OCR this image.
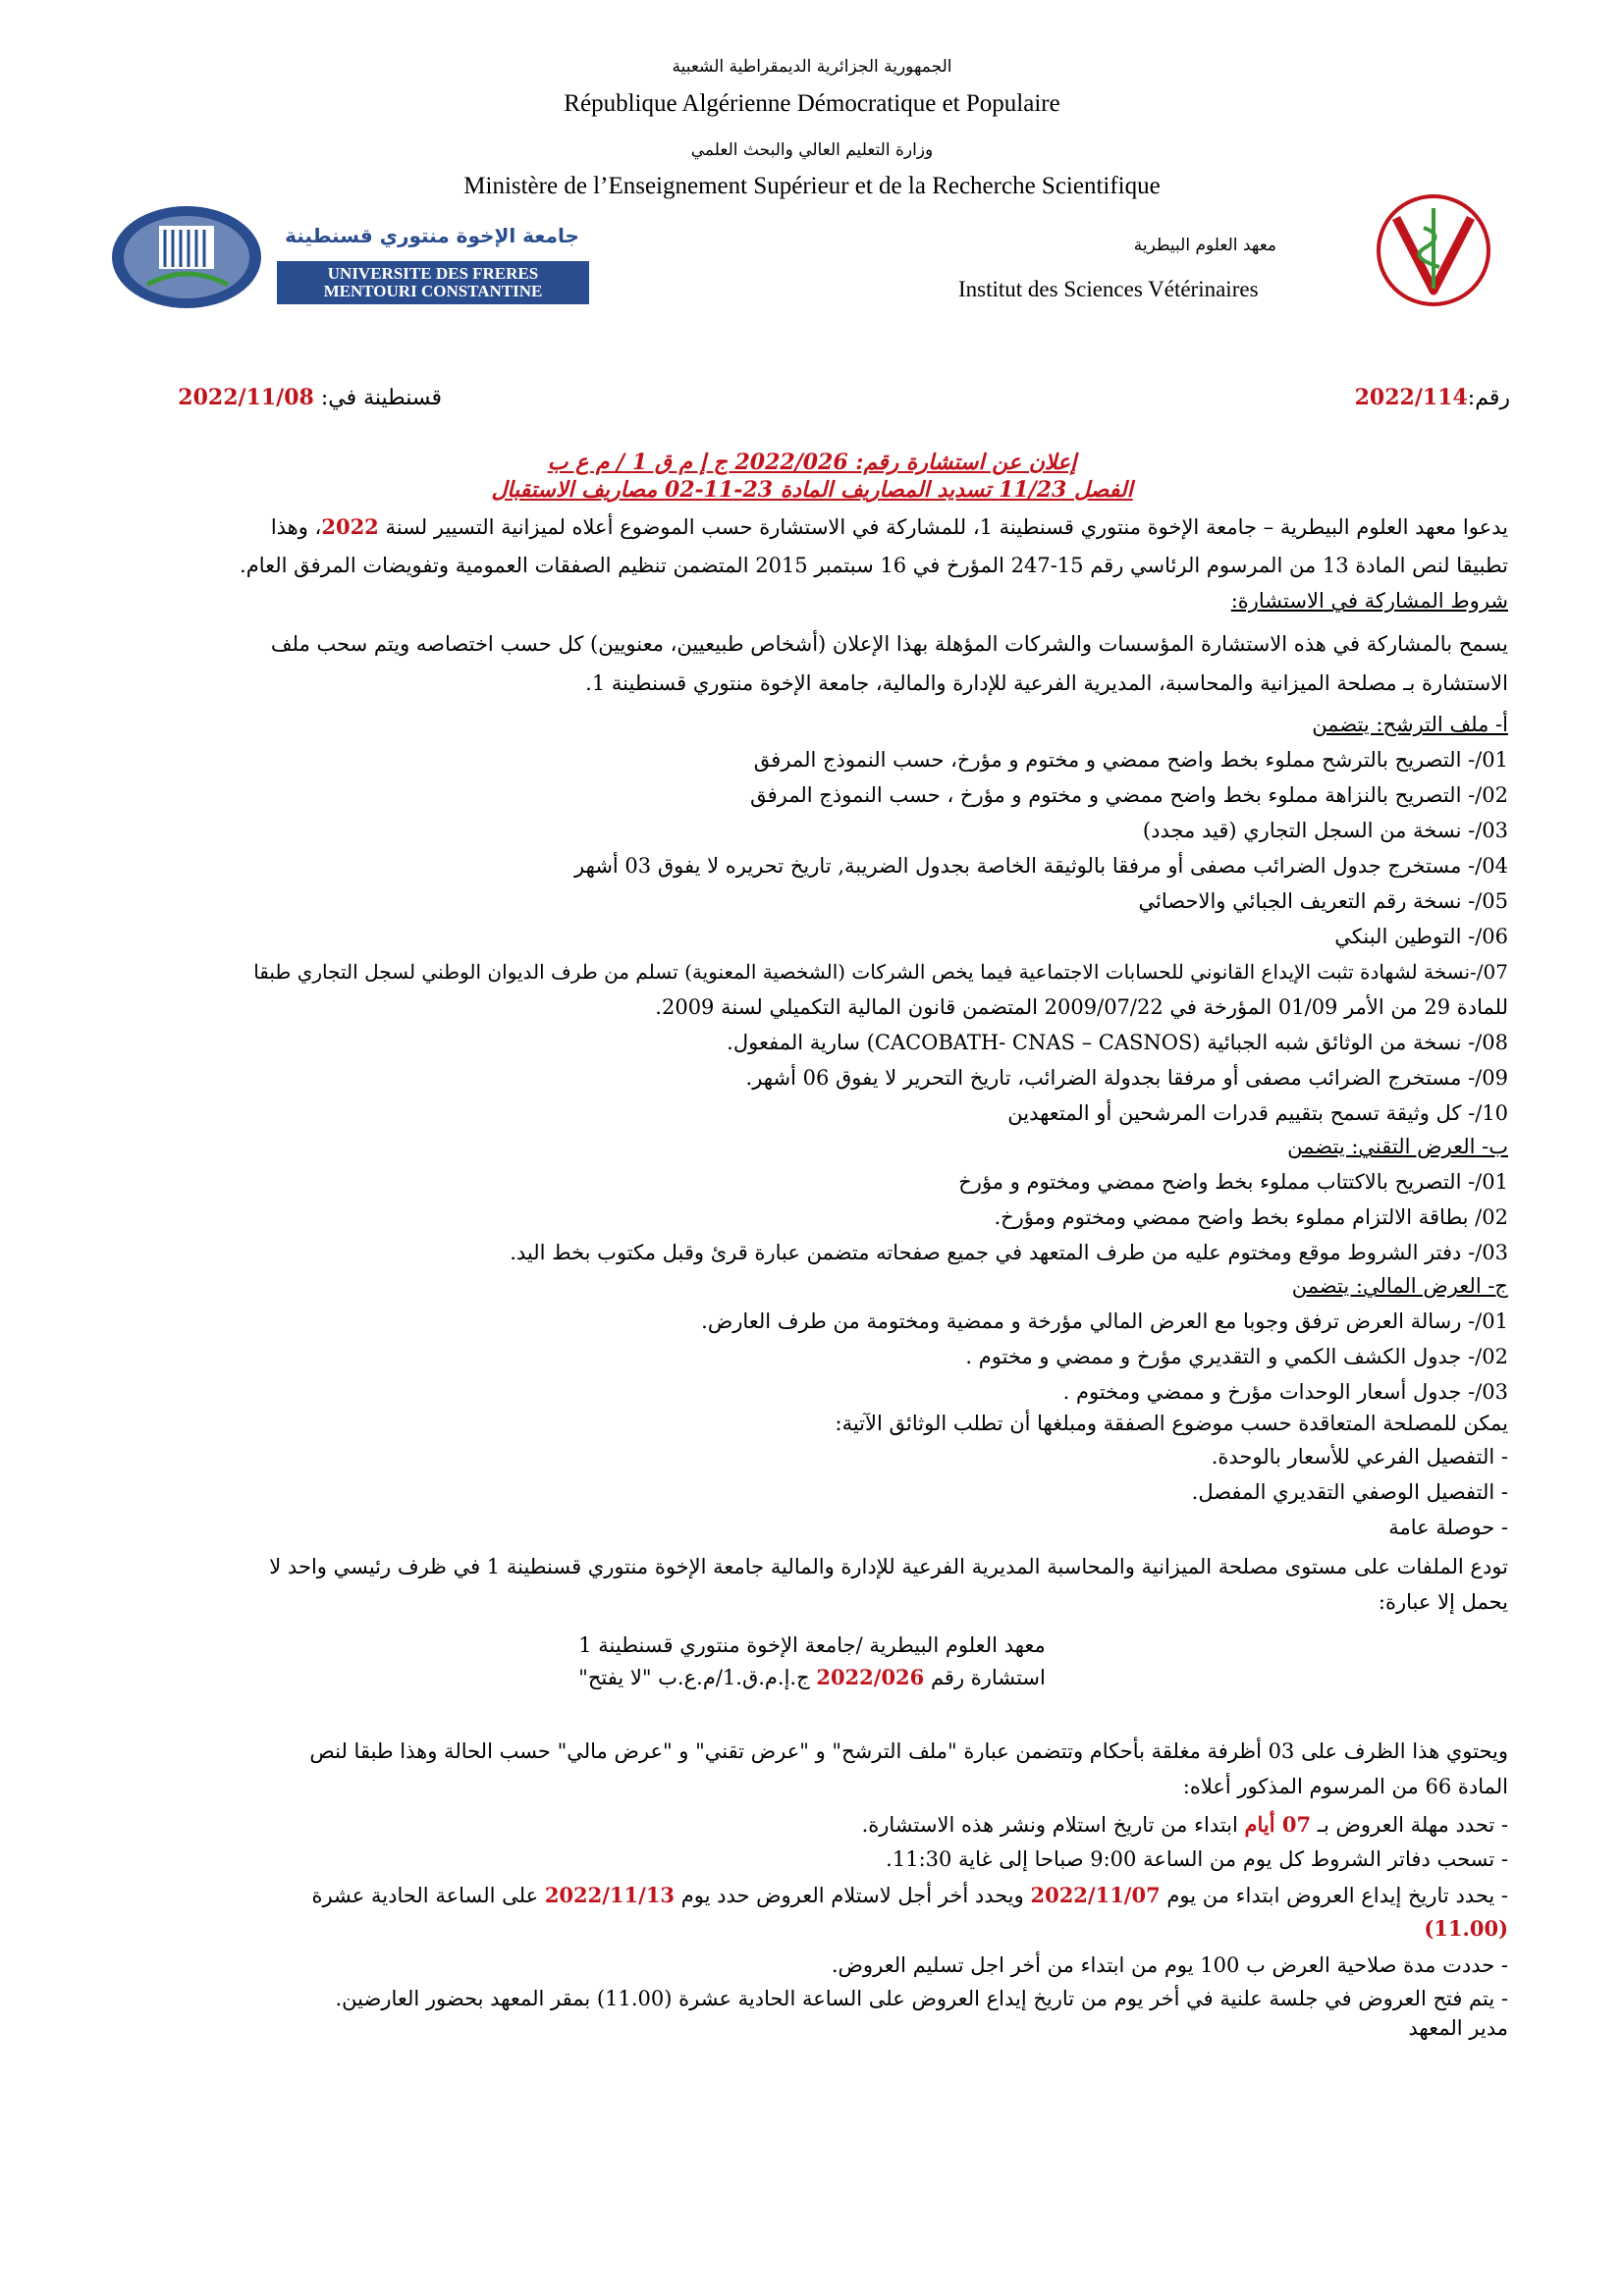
الجمهورية الجزائرية الديمقراطية الشعبية
République Algérienne Démocratique et Populaire
وزارة التعليم العالي والبحث العلمي
Ministère de l’Enseignement Supérieur et de la Recherche Scientifique
جامعة الإخوة منتوري قسنطينة
UNIVERSITE DES FRERES
MENTOURI CONSTANTINE
معهد العلوم البيطرية
Institut des Sciences Vétérinaires
رقم:2022/114
قسنطينة في: 2022/11/08
إعلان عن استشارة رقم: 2022/026 ج إ م ق 1 / م ع ب
الفصل 11/23 تسديد المصاريف المادة 23-11-02 مصاريف الاستقبال
يدعوا معهد العلوم البيطرية – جامعة الإخوة منتوري قسنطينة 1، للمشاركة في الاستشارة حسب الموضوع أعلاه لميزانية التسيير لسنة 2022، وهذا
تطبيقا لنص المادة 13 من المرسوم الرئاسي رقم 15-247 المؤرخ في 16 سبتمبر 2015 المتضمن تنظيم الصفقات العمومية وتفويضات المرفق العام.
شروط المشاركة في الاستشارة:
يسمح بالمشاركة في هذه الاستشارة المؤسسات والشركات المؤهلة بهذا الإعلان (أشخاص طبيعيين، معنويين) كل حسب اختصاصه ويتم سحب ملف
الاستشارة بـ مصلحة الميزانية والمحاسبة، المديرية الفرعية للإدارة والمالية، جامعة الإخوة منتوري قسنطينة 1.
أ- ملف الترشح: يتضمن
01/- التصريح بالترشح مملوء بخط واضح ممضي و مختوم و مؤرخ، حسب النموذج المرفق
02/- التصريح بالنزاهة مملوء بخط واضح ممضي و مختوم و مؤرخ ، حسب النموذج المرفق
03/- نسخة من السجل التجاري (قيد مجدد)
04/- مستخرج جدول الضرائب مصفى أو مرفقا بالوثيقة الخاصة بجدول الضريبة, تاريخ تحريره لا يفوق 03 أشهر
05/- نسخة رقم التعريف الجبائي والاحصائي
06/- التوطين البنكي
07/-نسخة لشهادة تثبت الإيداع القانوني للحسابات الاجتماعية فيما يخص الشركات (الشخصية المعنوية) تسلم من طرف الديوان الوطني لسجل التجاري طبقا
للمادة 29 من الأمر 01/09 المؤرخة في 2009/07/22 المتضمن قانون المالية التكميلي لسنة 2009.
08/- نسخة من الوثائق شبه الجبائية (CACOBATH- CNAS – CASNOS) سارية المفعول.
09/- مستخرج الضرائب مصفى أو مرفقا بجدولة الضرائب، تاريخ التحرير لا يفوق 06 أشهر.
10/- كل وثيقة تسمح بتقييم قدرات المرشحين أو المتعهدين
ب- العرض التقني: يتضمن
01/- التصريح بالاكتتاب مملوء بخط واضح ممضي ومختوم و مؤرخ
02/ بطاقة الالتزام مملوء بخط واضح ممضي ومختوم ومؤرخ.
03/- دفتر الشروط موقع ومختوم عليه من طرف المتعهد في جميع صفحاته متضمن عبارة قرئ وقبل مكتوب بخط اليد.
ج- العرض المالي: يتضمن
01/- رسالة العرض ترفق وجوبا مع العرض المالي مؤرخة و ممضية ومختومة من طرف العارض.
02/- جدول الكشف الكمي و التقديري مؤرخ و ممضي و مختوم .
03/- جدول أسعار الوحدات مؤرخ و ممضي ومختوم .
يمكن للمصلحة المتعاقدة حسب موضوع الصفقة ومبلغها أن تطلب الوثائق الآتية:
- التفصيل الفرعي للأسعار بالوحدة.
- التفصيل الوصفي التقديري المفصل.
- حوصلة عامة
تودع الملفات على مستوى مصلحة الميزانية والمحاسبة المديرية الفرعية للإدارة والمالية جامعة الإخوة منتوري قسنطينة 1 في ظرف رئيسي واحد لا
يحمل إلا عبارة:
معهد العلوم البيطرية /جامعة الإخوة منتوري قسنطينة 1
استشارة رقم 2022/026 ج.إ.م.ق.1/م.ع.ب "لا يفتح"
ويحتوي هذا الظرف على 03 أظرفة مغلقة بأحكام وتتضمن عبارة "ملف الترشح" و "عرض تقني" و "عرض مالي" حسب الحالة وهذا طبقا لنص
المادة 66 من المرسوم المذكور أعلاه:
- تحدد مهلة العروض بـ 07 أيام ابتداء من تاريخ استلام ونشر هذه الاستشارة.
- تسحب دفاتر الشروط كل يوم من الساعة 9:00 صباحا إلى غاية 11:30.
- يحدد تاريخ إيداع العروض ابتداء من يوم 2022/11/07 ويحدد أخر أجل لاستلام العروض حدد يوم 2022/11/13 على الساعة الحادية عشرة
(11.00)
- حددت مدة صلاحية العرض ب 100 يوم من ابتداء من أخر اجل تسليم العروض.
- يتم فتح العروض في جلسة علنية في أخر يوم من تاريخ إيداع العروض على الساعة الحادية عشرة (11.00) بمقر المعهد بحضور العارضين.
مدير المعهد
